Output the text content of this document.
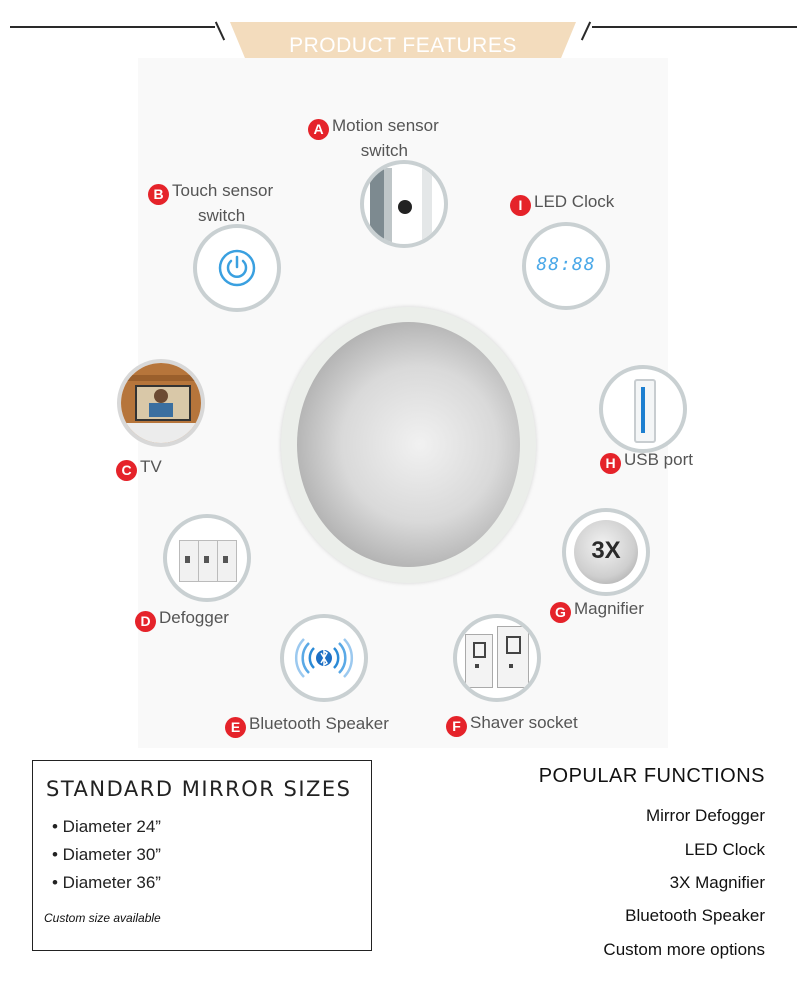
PRODUCT FEATURES
A Motion sensor
switch
B Touch sensor
switch
I LED Clock
88:88
C TV	H USB port
3X
G Magnifier
D Defogger
E Bluetooth Speaker	F Shaver socket
STANDARD MIRROR SIZES
• Diameter 24”
• Diameter 30”
• Diameter 36”
Custom size available
POPULAR FUNCTIONS
Mirror Defogger
LED Clock
3X Magnifier
Bluetooth Speaker
Custom more options
